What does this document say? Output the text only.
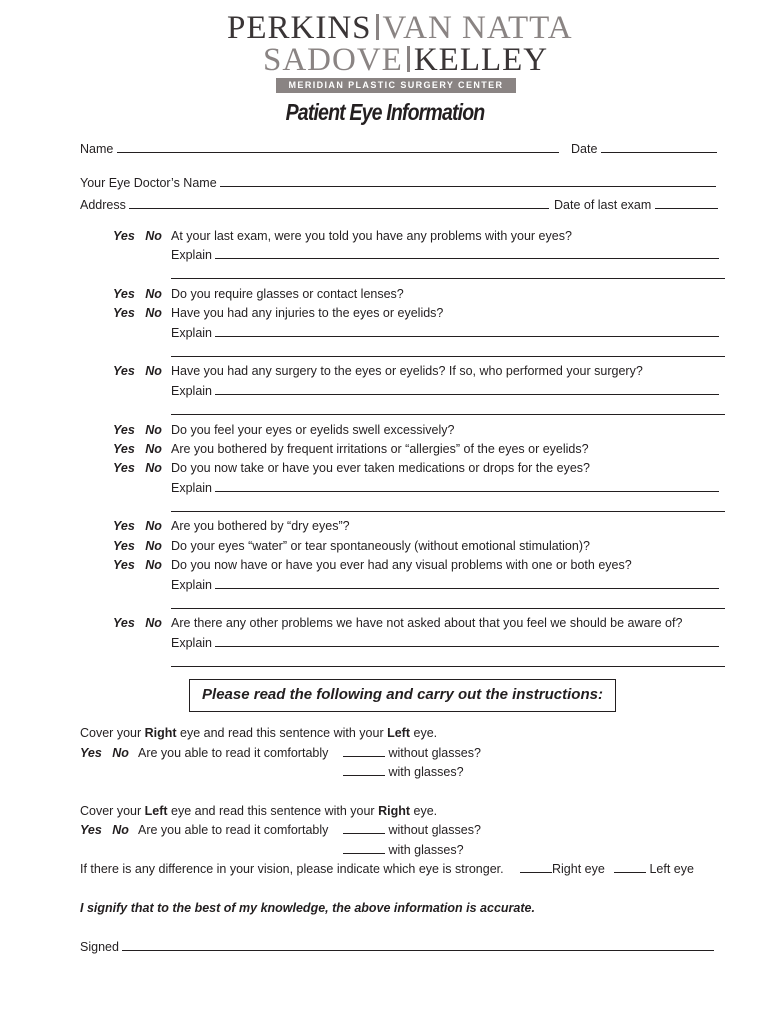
PERKINS VAN NATTA
SADOVE KELLEY
MERIDIAN PLASTIC SURGERY CENTER
Patient Eye Information
Name	Date
Your Eye Doctor’s Name
Address	Date of last exam
Yes No At your last exam, were you told you have any problems with your eyes?
Explain
Yes No Do you require glasses or contact lenses?
Yes No Have you had any injuries to the eyes or eyelids?
Explain
Yes No Have you had any surgery to the eyes or eyelids? If so, who performed your surgery?
Explain
Yes No Do you feel your eyes or eyelids swell excessively?
Yes No Are you bothered by frequent irritations or “allergies” of the eyes or eyelids?
Yes No Do you now take or have you ever taken medications or drops for the eyes?
Explain
Yes No Are you bothered by “dry eyes”?
Yes No Do your eyes “water” or tear spontaneously (without emotional stimulation)?
Yes No Do you now have or have you ever had any visual problems with one or both eyes?
Explain
Yes No Are there any other problems we have not asked about that you feel we should be aware of?
Explain
Please read the following and carry out the instructions:
Cover your Right eye and read this sentence with your Left eye.
Yes No Are you able to read it comfortably	without glasses?
with glasses?
Cover your Left eye and read this sentence with your Right eye.
Yes No Are you able to read it comfortably	without glasses?
with glasses?
If there is any difference in your vision, please indicate which eye is stronger.	Right eye	Left eye
I signify that to the best of my knowledge, the above information is accurate.
Signed
